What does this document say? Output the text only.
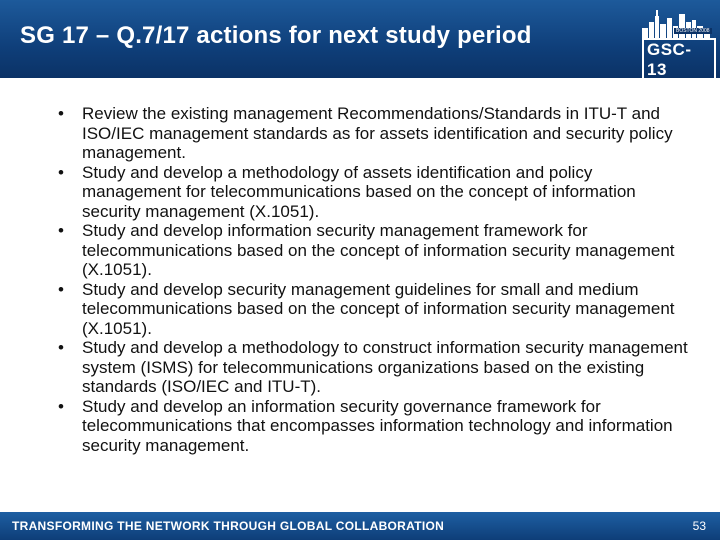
SG 17 – Q.7/17 actions for next study period	BOSTON 2008
GSC-13
• Review the existing management Recommendations/Standards in ITU-T and ISO/IEC management standards as for assets identification and security policy management.
• Study and develop a methodology of assets identification and policy management for telecommunications based on the concept of information security management (X.1051).
• Study and develop information security management framework for telecommunications based on the concept of information security management (X.1051).
• Study and develop security management guidelines for small and medium telecommunications based on the concept of information security management (X.1051).
• Study and develop a methodology to construct information security management system (ISMS) for telecommunications organizations based on the existing standards (ISO/IEC and ITU-T).
• Study and develop an information security governance framework for telecommunications that encompasses information technology and information security management.
TRANSFORMING THE NETWORK THROUGH GLOBAL COLLABORATION	53
